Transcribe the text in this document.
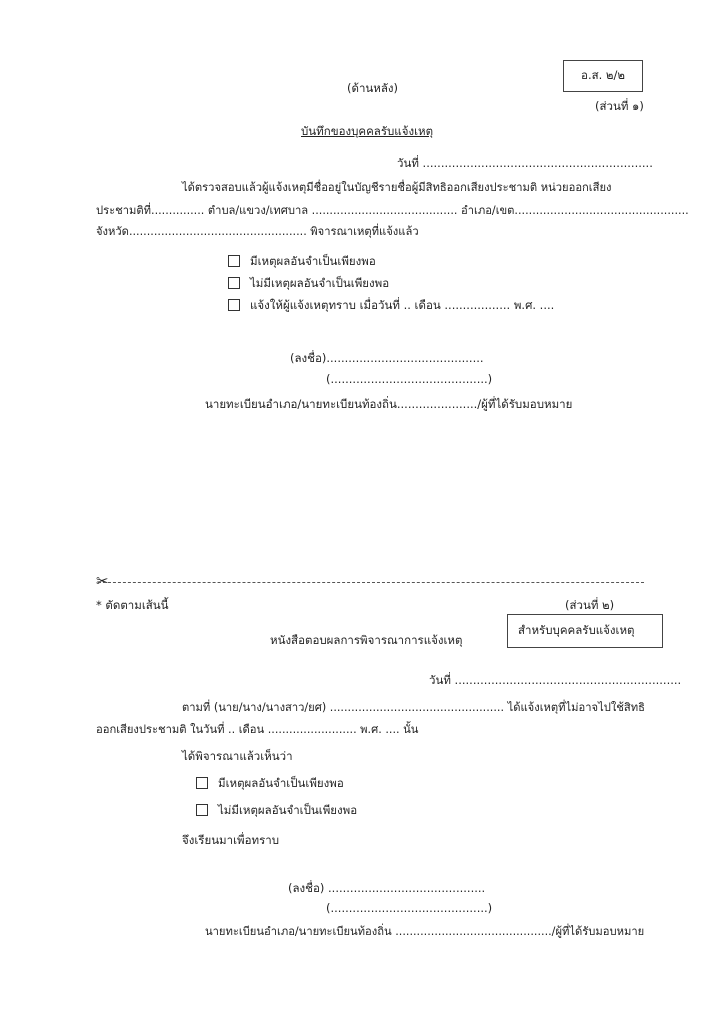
อ.ส. ๒/๒
(ด้านหลัง)
(ส่วนที่ ๑)
บันทึกของบุคคลรับแจ้งเหตุ
วันที่ ...............................................................
ได้ตรวจสอบแล้วผู้แจ้งเหตุมีชื่ออยู่ในบัญชีรายชื่อผู้มีสิทธิออกเสียงประชามติ หน่วยออกเสียง
ประชามติที่............... ตำบล/แขวง/เทศบาล ......................................... อำเภอ/เขต.................................................
จังหวัด.................................................. พิจารณาเหตุที่แจ้งแล้ว
มีเหตุผลอันจำเป็นเพียงพอ
ไม่มีเหตุผลอันจำเป็นเพียงพอ
แจ้งให้ผู้แจ้งเหตุทราบ เมื่อวันที่ .. เดือน .................. พ.ศ. ....
(ลงชื่อ)...........................................
(...........................................)
นายทะเบียนอำเภอ/นายทะเบียนท้องถิ่น....................../ผู้ที่ได้รับมอบหมาย
✂
* ตัดตามเส้นนี้	(ส่วนที่ ๒)
สำหรับบุคคลรับแจ้งเหตุ
หนังสือตอบผลการพิจารณาการแจ้งเหตุ
วันที่ ..............................................................
ตามที่ (นาย/นาง/นางสาว/ยศ) ................................................. ได้แจ้งเหตุที่ไม่อาจไปใช้สิทธิ
ออกเสียงประชามติ ในวันที่ .. เดือน ......................... พ.ศ. .... นั้น
ได้พิจารณาแล้วเห็นว่า
มีเหตุผลอันจำเป็นเพียงพอ
ไม่มีเหตุผลอันจำเป็นเพียงพอ
จึงเรียนมาเพื่อทราบ
(ลงชื่อ) ...........................................
(...........................................)
นายทะเบียนอำเภอ/นายทะเบียนท้องถิ่น ............................................/ผู้ที่ได้รับมอบหมาย
